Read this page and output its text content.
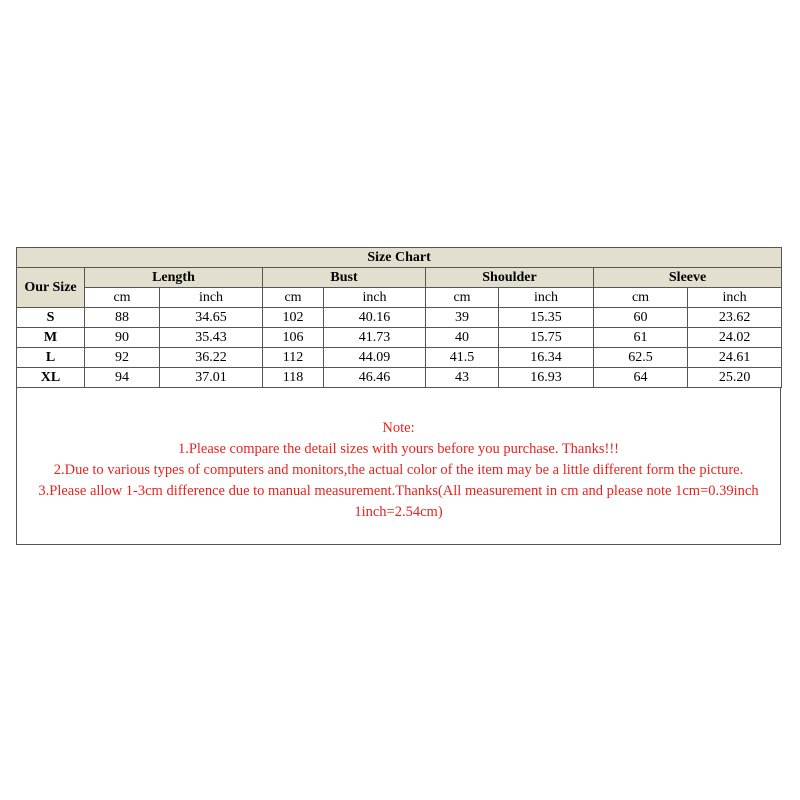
Size Chart								
Our Size	Length		Bust		Shoulder		Sleeve	
	cm	inch	cm	inch	cm	inch	cm	inch
S	88	34.65	102	40.16	39	15.35	60	23.62
M	90	35.43	106	41.73	40	15.75	61	24.02
L	92	36.22	112	44.09	41.5	16.34	62.5	24.61
XL	94	37.01	118	46.46	43	16.93	64	25.20
Note:
1.Please compare the detail sizes with yours before you purchase. Thanks!!!
2.Due to various types of computers and monitors,the actual color of the item may be a little different form the picture.
3.Please allow 1-3cm difference due to manual measurement.Thanks(All measurement in cm and please note 1cm=0.39inch
1inch=2.54cm)
